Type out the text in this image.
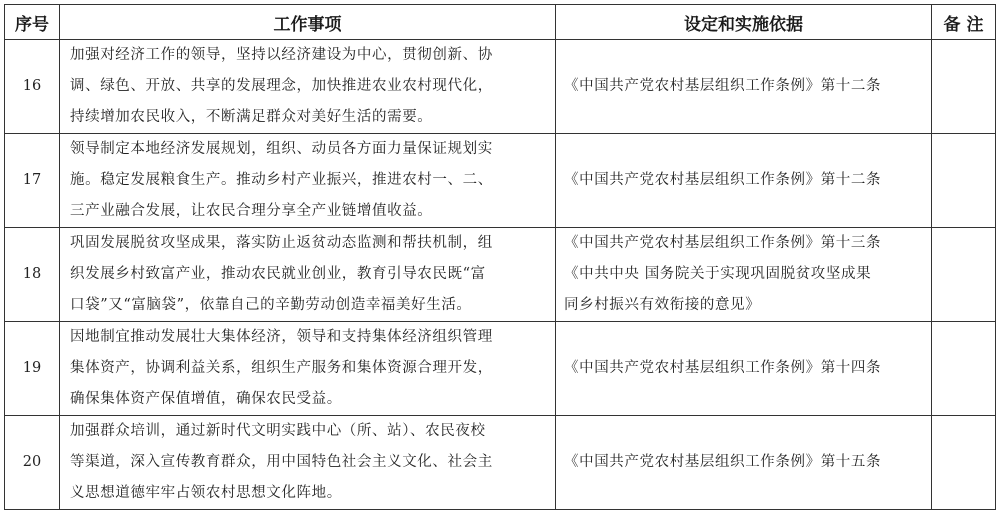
序号	工作事项	设定和实施依据	备 注
16	加强对经济工作的领导，坚持以经济建设为中心，贯彻创新、协
调、绿色、开放、共享的发展理念，加快推进农业农村现代化，
持续增加农民收入，不断满足群众对美好生活的需要。	《中国共产党农村基层组织工作条例》第十二条	

17	领导制定本地经济发展规划，组织、动员各方面力量保证规划实
施。稳定发展粮食生产。推动乡村产业振兴，推进农村一、二、
三产业融合发展，让农民合理分享全产业链增值收益。	《中国共产党农村基层组织工作条例》第十二条	

18	巩固发展脱贫攻坚成果，落实防止返贫动态监测和帮扶机制，组
织发展乡村致富产业，推动农民就业创业，教育引导农民既“富
口袋”又“富脑袋”，依靠自己的辛勤劳动创造幸福美好生活。	《中国共产党农村基层组织工作条例》第十三条
《中共中央 国务院关于实现巩固脱贫攻坚成果
同乡村振兴有效衔接的意见》	

19	因地制宜推动发展壮大集体经济，领导和支持集体经济组织管理
集体资产，协调利益关系，组织生产服务和集体资源合理开发，
确保集体资产保值增值，确保农民受益。	《中国共产党农村基层组织工作条例》第十四条	

20	加强群众培训，通过新时代文明实践中心（所、站）、农民夜校
等渠道，深入宣传教育群众，用中国特色社会主义文化、社会主
义思想道德牢牢占领农村思想文化阵地。	《中国共产党农村基层组织工作条例》第十五条	
